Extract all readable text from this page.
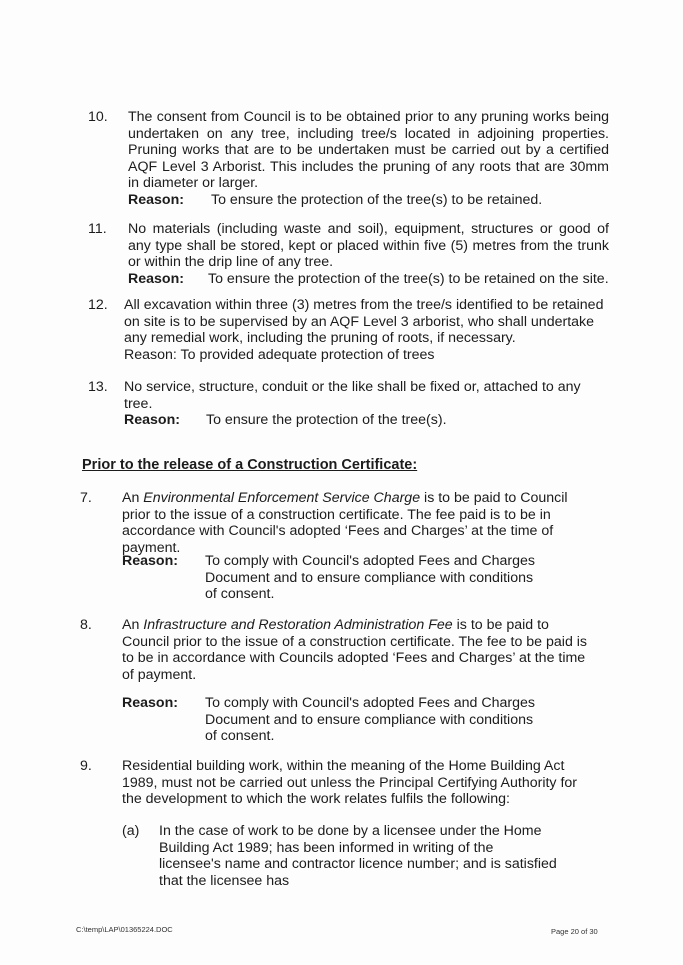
10. The consent from Council is to be obtained prior to any pruning works being undertaken on any tree, including tree/s located in adjoining properties. Pruning works that are to be undertaken must be carried out by a certified AQF Level 3 Arborist. This includes the pruning of any roots that are 30mm in diameter or larger.
Reason: To ensure the protection of the tree(s) to be retained.
11. No materials (including waste and soil), equipment, structures or good of any type shall be stored, kept or placed within five (5) metres from the trunk or within the drip line of any tree.
Reason: To ensure the protection of the tree(s) to be retained on the site.
12. All excavation within three (3) metres from the tree/s identified to be retained on site is to be supervised by an AQF Level 3 arborist, who shall undertake any remedial work, including the pruning of roots, if necessary.
Reason: To provided adequate protection of trees
13. No service, structure, conduit or the like shall be fixed or, attached to any tree.
Reason: To ensure the protection of the tree(s).
Prior to the release of a Construction Certificate:
7. An Environmental Enforcement Service Charge is to be paid to Council prior to the issue of a construction certificate. The fee paid is to be in accordance with Council's adopted ‘Fees and Charges’ at the time of payment.
Reason: To comply with Council's adopted Fees and Charges Document and to ensure compliance with conditions of consent.
8. An Infrastructure and Restoration Administration Fee is to be paid to Council prior to the issue of a construction certificate. The fee to be paid is to be in accordance with Councils adopted ‘Fees and Charges’ at the time of payment.
Reason: To comply with Council's adopted Fees and Charges Document and to ensure compliance with conditions of consent.
9. Residential building work, within the meaning of the Home Building Act 1989, must not be carried out unless the Principal Certifying Authority for the development to which the work relates fulfils the following:
(a) In the case of work to be done by a licensee under the Home Building Act 1989; has been informed in writing of the licensee's name and contractor licence number; and is satisfied that the licensee has
C:\temp\LAP\01365224.DOC	Page 20 of 30
